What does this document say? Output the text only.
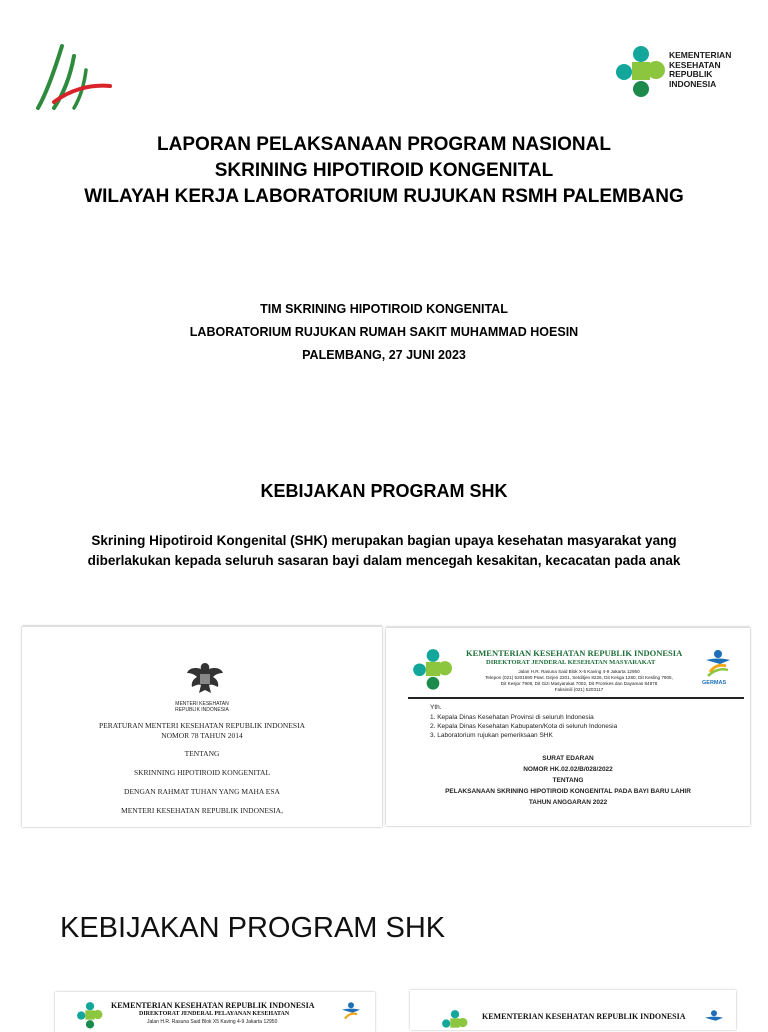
KEMENTERIAN
KESEHATAN
REPUBLIK
INDONESIA
LAPORAN PELAKSANAAN PROGRAM NASIONAL
SKRINING HIPOTIROID KONGENITAL
WILAYAH KERJA LABORATORIUM RUJUKAN RSMH PALEMBANG
TIM SKRINING HIPOTIROID KONGENITAL
LABORATORIUM RUJUKAN RUMAH SAKIT MUHAMMAD HOESIN
PALEMBANG, 27 JUNI 2023
KEBIJAKAN PROGRAM SHK
Skrining Hipotiroid Kongenital (SHK) merupakan bagian upaya kesehatan masyarakat yang
diberlakukan kepada seluruh sasaran bayi dalam mencegah kesakitan, kecacatan pada anak
MENTERI KESEHATAN
REPUBLIK INDONESIA
PERATURAN MENTERI KESEHATAN REPUBLIK INDONESIA
NOMOR 78 TAHUN 2014
TENTANG
SKRINNING HIPOTIROID KONGENITAL
DENGAN RAHMAT TUHAN YANG MAHA ESA
MENTERI KESEHATAN REPUBLIK INDONESIA,
KEMENTERIAN KESEHATAN REPUBLIK INDONESIA
DIREKTORAT JENDERAL KESEHATAN MASYARAKAT
Jalan H.R. Rasuna Said Blok X-5 Kaving 4-9 Jakarta 12950
Telepon (021) 5201590 Pswt. Dirjen 2201, Setditjen 8226, Dit Kesga 1280, Dit Kesling 7905,
Dit Kesjor 7909, Dit Gizi Masyarakat 7002, Dit Promkes dan Dayamas 84878
Faksimili (021) 5203117
GERMAS
Yth.
1. Kepala Dinas Kesehatan Provinsi di seluruh Indonesia
2. Kepala Dinas Kesehatan Kabupaten/Kota di seluruh Indonesia
3. Laboratorium rujukan pemeriksaan SHK
SURAT EDARAN
NOMOR HK.02.02/B/028/2022
TENTANG
PELAKSANAAN SKRINING HIPOTIROID KONGENITAL PADA BAYI BARU LAHIR
TAHUN ANGGARAN 2022
KEBIJAKAN PROGRAM SHK
KEMENTERIAN KESEHATAN REPUBLIK INDONESIA
DIREKTORAT JENDERAL PELAYANAN KESEHATAN
Jalan H.R. Rasuna Said Blok X5 Kaving 4-9 Jakarta 12950
KEMENTERIAN KESEHATAN REPUBLIK INDONESIA
